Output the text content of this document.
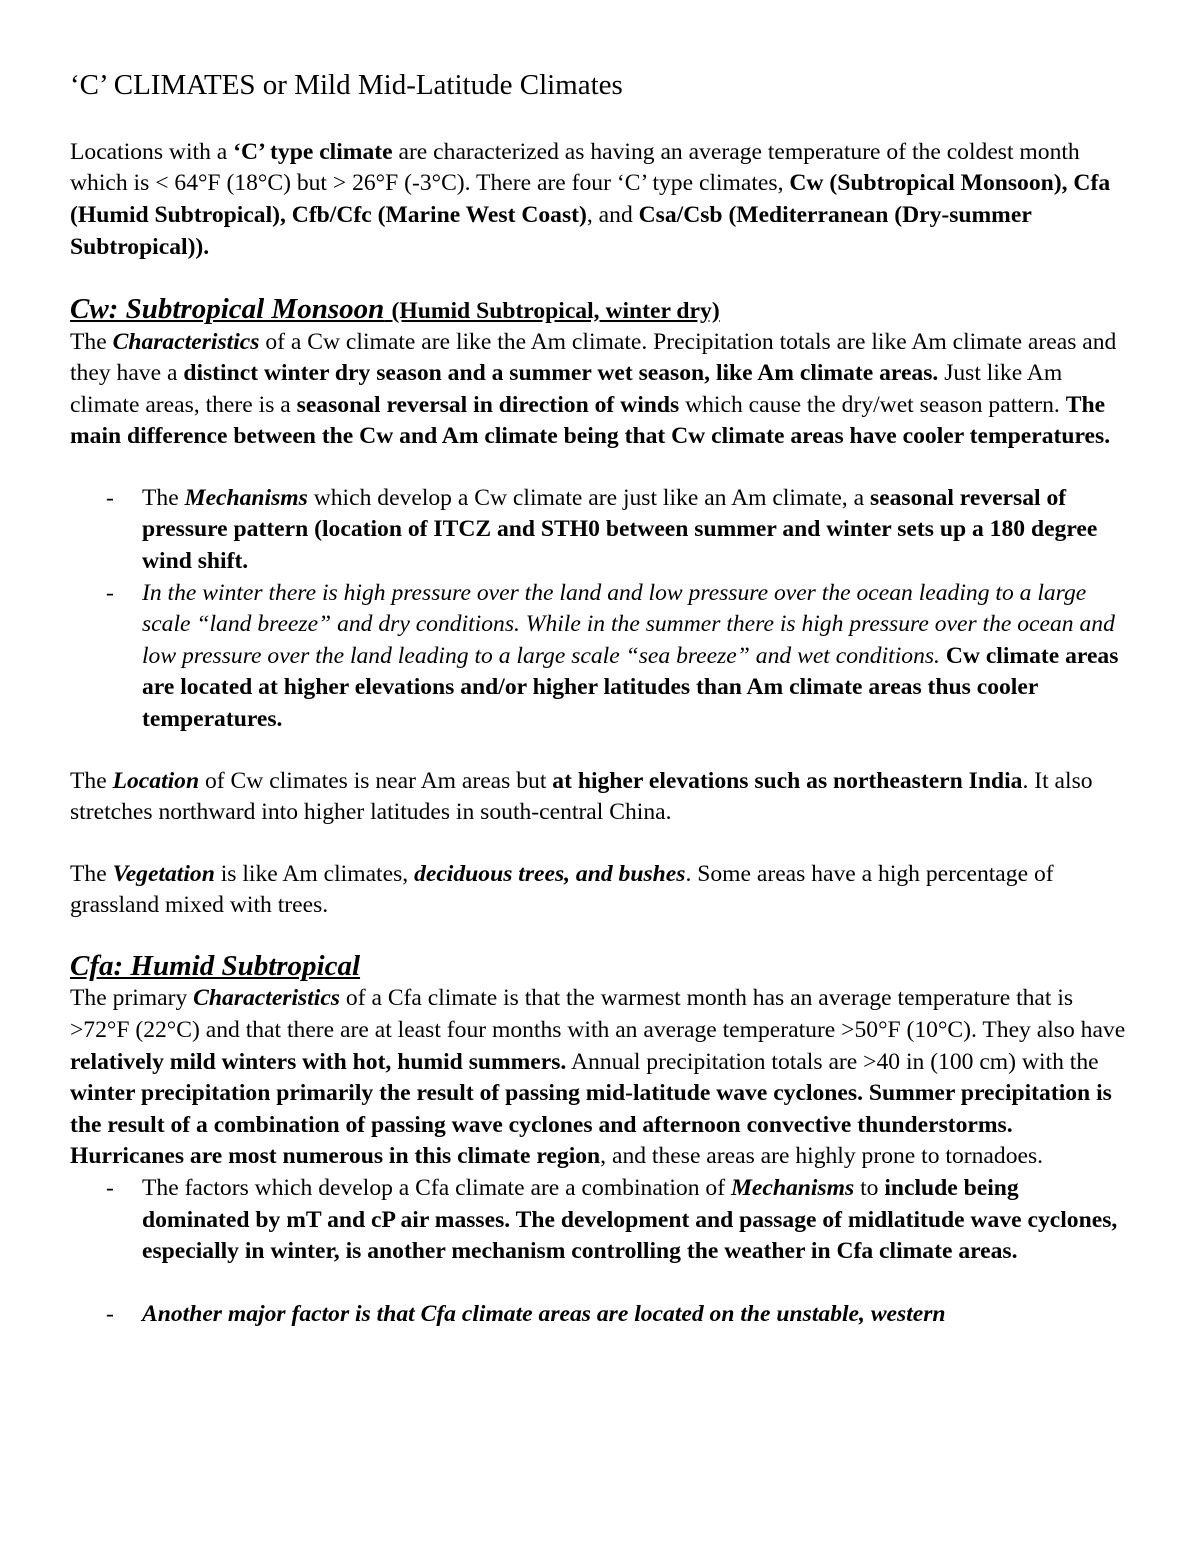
‘C’ CLIMATES or Mild Mid-Latitude Climates

Locations with a ‘C’ type climate are characterized as having an average temperature of the coldest month which is < 64°F (18°C) but > 26°F (-3°C). There are four ‘C’ type climates, Cw (Subtropical Monsoon), Cfa (Humid Subtropical), Cfb/Cfc (Marine West Coast), and Csa/Csb (Mediterranean (Dry-summer Subtropical)).

Cw: Subtropical Monsoon (Humid Subtropical, winter dry)

The Characteristics of a Cw climate are like the Am climate. Precipitation totals are like Am climate areas and they have a distinct winter dry season and a summer wet season, like Am climate areas. Just like Am climate areas, there is a seasonal reversal in direction of winds which cause the dry/wet season pattern. The main difference between the Cw and Am climate being that Cw climate areas have cooler temperatures.

- The Mechanisms which develop a Cw climate are just like an Am climate, a seasonal reversal of pressure pattern (location of ITCZ and STH0 between summer and winter sets up a 180 degree wind shift.
- In the winter there is high pressure over the land and low pressure over the ocean leading to a large scale “land breeze” and dry conditions. While in the summer there is high pressure over the ocean and low pressure over the land leading to a large scale “sea breeze” and wet conditions. Cw climate areas are located at higher elevations and/or higher latitudes than Am climate areas thus cooler temperatures.

The Location of Cw climates is near Am areas but at higher elevations such as northeastern India. It also stretches northward into higher latitudes in south-central China.

The Vegetation is like Am climates, deciduous trees, and bushes. Some areas have a high percentage of grassland mixed with trees.

Cfa: Humid Subtropical

The primary Characteristics of a Cfa climate is that the warmest month has an average temperature that is >72°F (22°C) and that there are at least four months with an average temperature >50°F (10°C). They also have relatively mild winters with hot, humid summers. Annual precipitation totals are >40 in (100 cm) with the winter precipitation primarily the result of passing mid-latitude wave cyclones. Summer precipitation is the result of a combination of passing wave cyclones and afternoon convective thunderstorms. Hurricanes are most numerous in this climate region, and these areas are highly prone to tornadoes.

- The factors which develop a Cfa climate are a combination of Mechanisms to include being dominated by mT and cP air masses. The development and passage of midlatitude wave cyclones, especially in winter, is another mechanism controlling the weather in Cfa climate areas.
- Another major factor is that Cfa climate areas are located on the unstable, western
